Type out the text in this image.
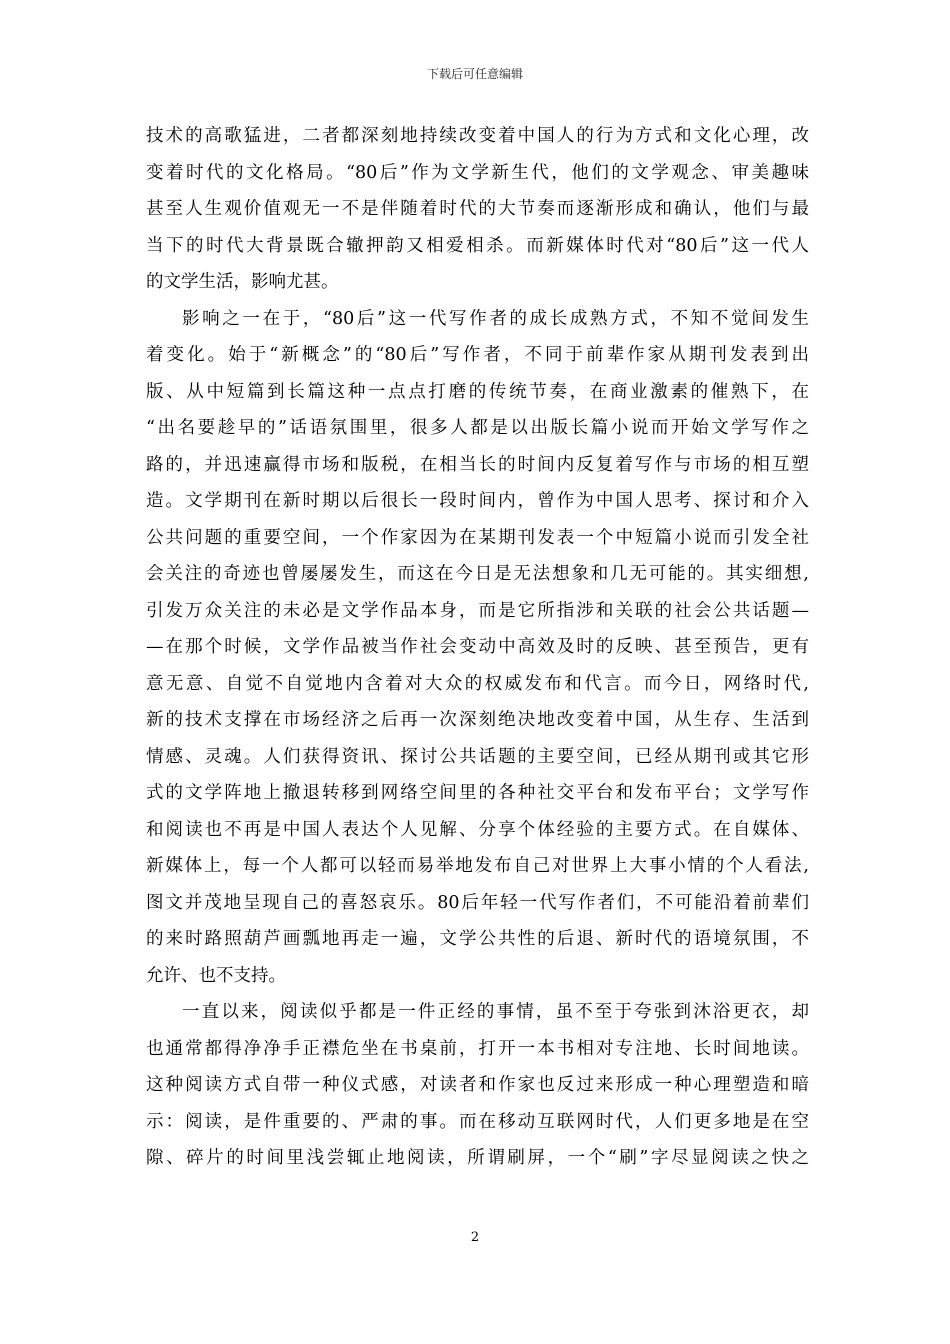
下载后可任意编辑
技术的高歌猛进，二者都深刻地持续改变着中国人的行为方式和文化心理，改
变着时代的文化格局。“80后”作为文学新生代，他们的文学观念、审美趣味
甚至人生观价值观无一不是伴随着时代的大节奏而逐渐形成和确认，他们与最
当下的时代大背景既合辙押韵又相爱相杀。而新媒体时代对“80后”这一代人
的文学生活，影响尤甚。
影响之一在于，“80后”这一代写作者的成长成熟方式，不知不觉间发生
着变化。始于“新概念”的“80后”写作者，不同于前辈作家从期刊发表到出
版、从中短篇到长篇这种一点点打磨的传统节奏，在商业激素的催熟下，在
“出名要趁早的”话语氛围里，很多人都是以出版长篇小说而开始文学写作之
路的，并迅速赢得市场和版税，在相当长的时间内反复着写作与市场的相互塑
造。文学期刊在新时期以后很长一段时间内，曾作为中国人思考、探讨和介入
公共问题的重要空间，一个作家因为在某期刊发表一个中短篇小说而引发全社
会关注的奇迹也曾屡屡发生，而这在今日是无法想象和几无可能的。其实细想,
引发万众关注的未必是文学作品本身，而是它所指涉和关联的社会公共话题—
—在那个时候，文学作品被当作社会变动中高效及时的反映、甚至预告，更有
意无意、自觉不自觉地内含着对大众的权威发布和代言。而今日，网络时代,
新的技术支撑在市场经济之后再一次深刻绝决地改变着中国，从生存、生活到
情感、灵魂。人们获得资讯、探讨公共话题的主要空间，已经从期刊或其它形
式的文学阵地上撤退转移到网络空间里的各种社交平台和发布平台；文学写作
和阅读也不再是中国人表达个人见解、分享个体经验的主要方式。在自媒体、
新媒体上，每一个人都可以轻而易举地发布自己对世界上大事小情的个人看法,
图文并茂地呈现自己的喜怒哀乐。80后年轻一代写作者们，不可能沿着前辈们
的来时路照葫芦画瓢地再走一遍，文学公共性的后退、新时代的语境氛围，不
允许、也不支持。
一直以来，阅读似乎都是一件正经的事情，虽不至于夸张到沐浴更衣，却
也通常都得净净手正襟危坐在书桌前，打开一本书相对专注地、长时间地读。
这种阅读方式自带一种仪式感，对读者和作家也反过来形成一种心理塑造和暗
示：阅读，是件重要的、严肃的事。而在移动互联网时代，人们更多地是在空
隙、碎片的时间里浅尝辄止地阅读，所谓刷屏，一个“刷”字尽显阅读之快之
2
